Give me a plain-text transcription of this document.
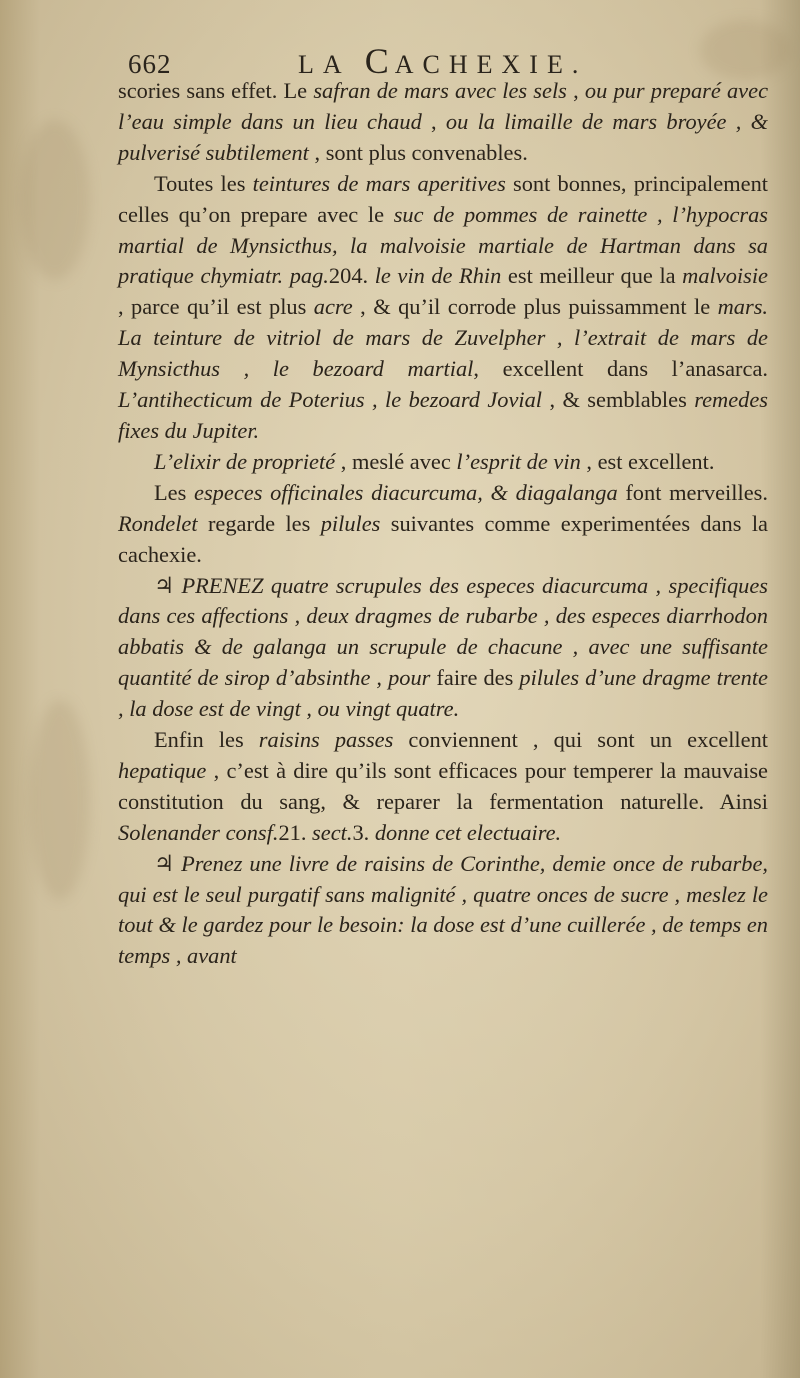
662	LA CACHEXIE.

scories sans effet. Le safran de mars avec les sels , ou pur preparé avec l’eau simple dans un lieu chaud , ou la limaille de mars broyée , & pulverisé subtilement , sont plus convenables.

Toutes les teintures de mars aperitives sont bonnes, principalement celles qu’on prepare avec le suc de pommes de rainette , l’hypocras martial de Mynsicthus, la malvoisie martiale de Hartman dans sa pratique chymiatr. pag.204. le vin de Rhin est meilleur que la malvoisie , parce qu’il est plus acre , & qu’il corrode plus puissamment le mars. La teinture de vitriol de mars de Zuvelpher , l’extrait de mars de Mynsicthus , le bezoard martial, excellent dans l’anasarca. L’antihecticum de Poterius , le bezoard Jovial , & semblables remedes fixes du Jupiter.

L’elixir de proprieté , meslé avec l’esprit de vin , est excellent.

Les especes officinales diacurcuma, & diagalanga font merveilles. Rondelet regarde les pilules suivantes comme experimentées dans la cachexie.

♃ PRENEZ quatre scrupules des especes diacurcuma , specifiques dans ces affections , deux dragmes de rubarbe , des especes diarrhodon abbatis & de galanga un scrupule de chacune , avec une suffisante quantité de sirop d’absinthe , pour faire des pilules d’une dragme trente , la dose est de vingt , ou vingt quatre.

Enfin les raisins passes conviennent , qui sont un excellent hepatique , c’est à dire qu’ils sont efficaces pour temperer la mauvaise constitution du sang, & reparer la fermentation naturelle. Ainsi Solenander consf.21. sect.3. donne cet electuaire.

♃ Prenez une livre de raisins de Corinthe, demie once de rubarbe, qui est le seul purgatif sans malignité , quatre onces de sucre , meslez le tout & le gardez pour le besoin: la dose est d’une cuillerée , de temps en temps , avant
